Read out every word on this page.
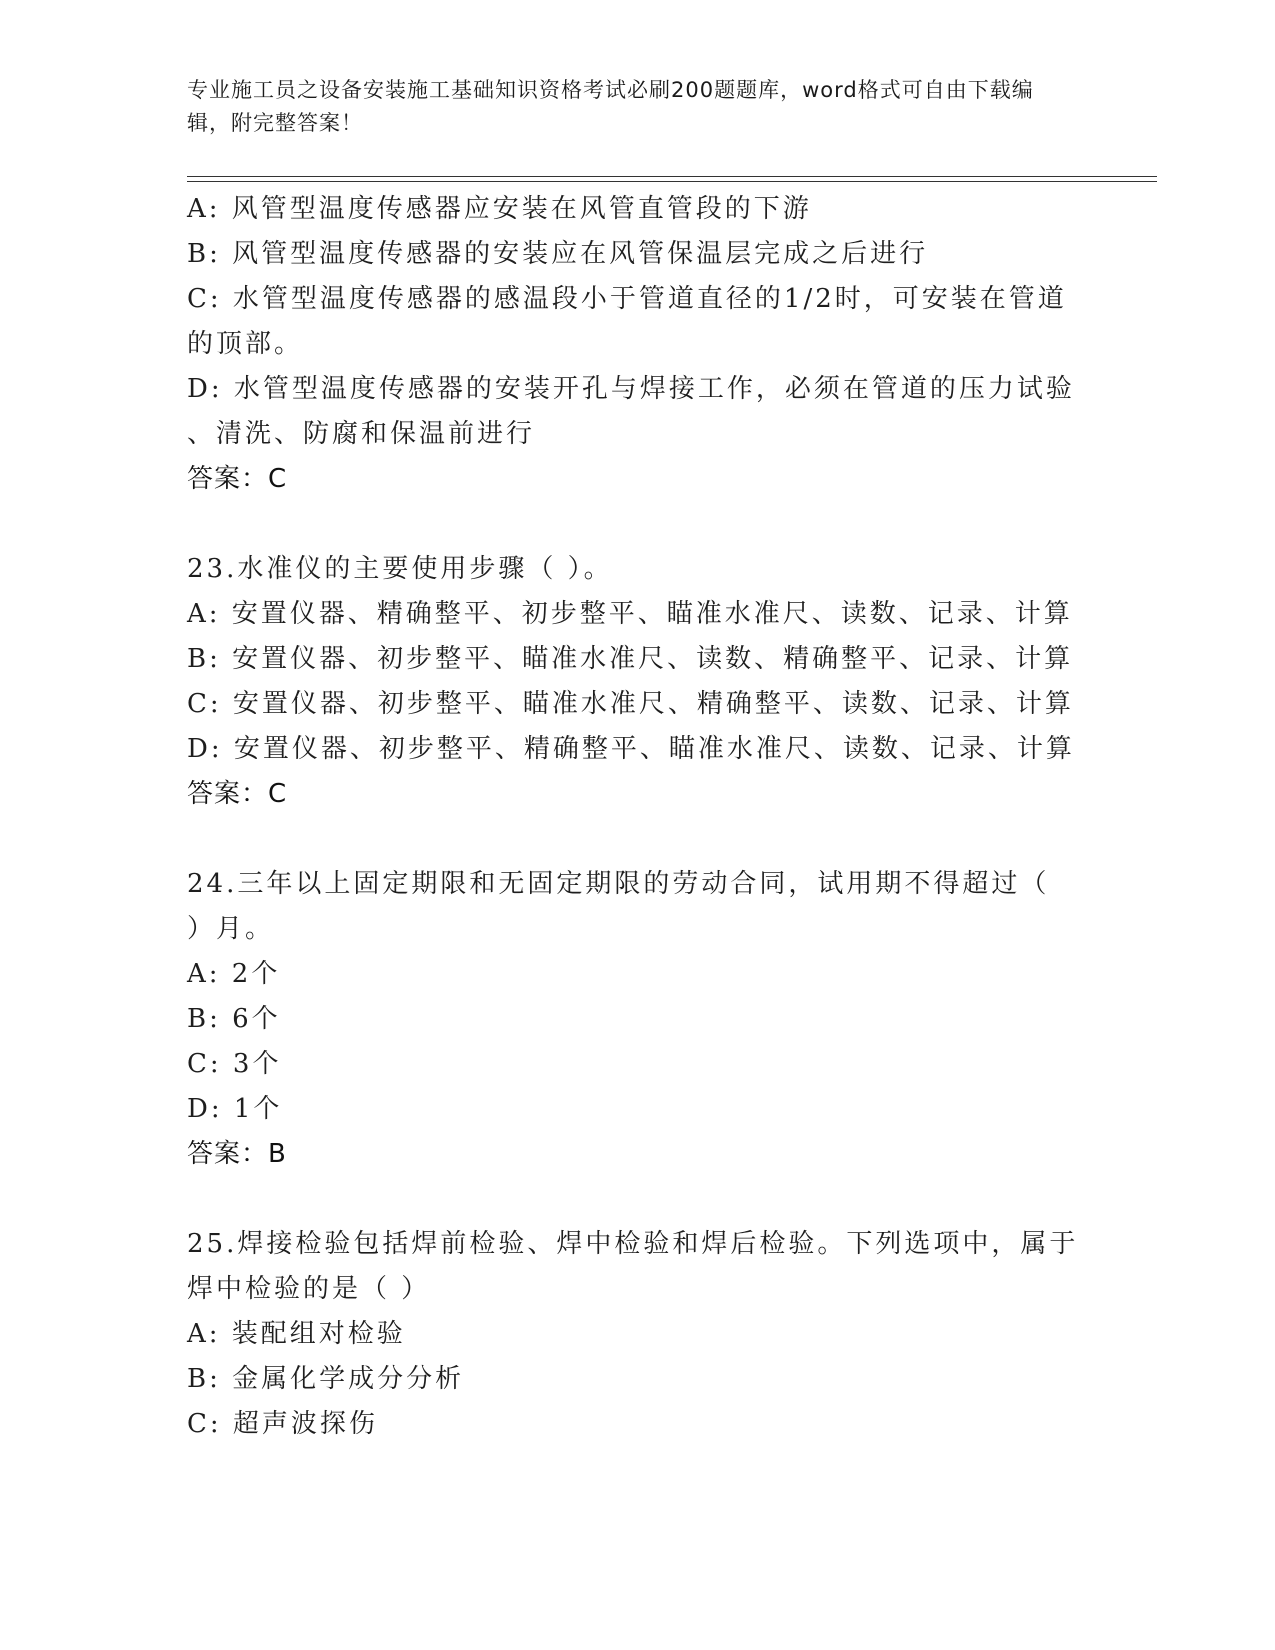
专业施工员之设备安装施工基础知识资格考试必刷200题题库，word格式可自由下载编辑，附完整答案！

A: 风管型温度传感器应安装在风管直管段的下游

B: 风管型温度传感器的安装应在风管保温层完成之后进行

C: 水管型温度传感器的感温段小于管道直径的1/2时，可安装在管道

的顶部。

D: 水管型温度传感器的安装开孔与焊接工作，必须在管道的压力试验

、清洗、防腐和保温前进行

答案：C

23.水准仪的主要使用步骤（ ）。

A: 安置仪器、精确整平、初步整平、瞄准水准尺、读数、记录、计算

B: 安置仪器、初步整平、瞄准水准尺、读数、精确整平、记录、计算

C: 安置仪器、初步整平、瞄准水准尺、精确整平、读数、记录、计算

D: 安置仪器、初步整平、精确整平、瞄准水准尺、读数、记录、计算

答案：C

24.三年以上固定期限和无固定期限的劳动合同，试用期不得超过（

）月。

A: 2个

B: 6个

C: 3个

D: 1个

答案：B

25.焊接检验包括焊前检验、焊中检验和焊后检验。下列选项中，属于

焊中检验的是（ ）

A: 装配组对检验

B: 金属化学成分分析

C: 超声波探伤
